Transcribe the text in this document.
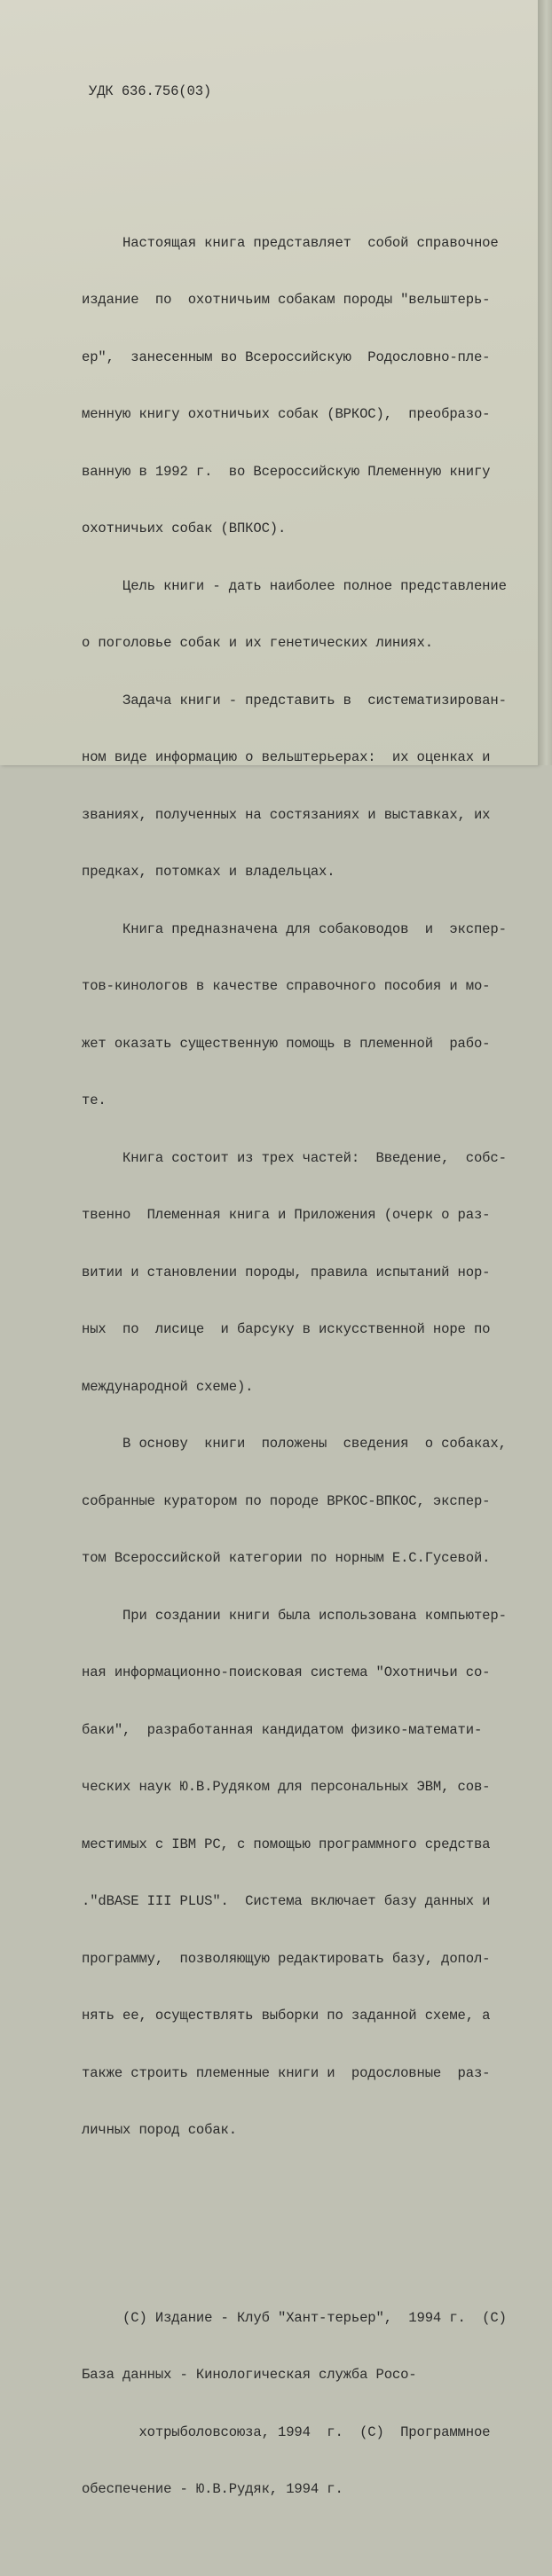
УДК 636.756(03)

Настоящая книга представляет  собой справочное

издание  по  охотничьим собакам породы "вельштерь-

ер",  занесенным во Всероссийскую  Родословно-пле-

менную книгу охотничьих собак (ВРКОС),  преобразо-

ванную в 1992 г.  во Всероссийскую Племенную книгу

охотничьих собак (ВПКОС).

Цель книги - дать наиболее полное представление

о поголовье собак и их генетических линиях.

Задача книги - представить в  систематизирован-

ном виде информацию о вельштерьерах:  их оценках и

званиях, полученных на состязаниях и выставках, их

предках, потомках и владельцах.

Книга предназначена для собаководов  и  экспер-

тов-кинологов в качестве справочного пособия и мо-

жет оказать существенную помощь в племенной  рабо-

те.

Книга состоит из трех частей:  Введение,  собс-

твенно  Племенная книга и Приложения (очерк о раз-

витии и становлении породы, правила испытаний нор-

ных  по  лисице  и барсуку в искусственной норе по

международной схеме).

В основу  книги  положены  сведения  о собаках,

собранные куратором по породе ВРКОС-ВПКОС, экспер-

том Всероссийской категории по норным Е.С.Гусевой.

При создании книги была использована компьютер-

ная информационно-поисковая система "Охотничьи со-

баки",  разработанная кандидатом физико-математи-

ческих наук Ю.В.Рудяком для персональных ЭВМ, сов-

местимых с IBM PC, с помощью программного средства

."dBASE III PLUS".  Система включает базу данных и

программу,  позволяющую редактировать базу, допол-

нять ее, осуществлять выборки по заданной схеме, а

также строить племенные книги и  родословные  раз-

личных пород собак.

(С) Издание - Клуб "Хант-терьер",  1994 г.  (С)

База данных - Кинологическая служба Росо-

хотрыболовсоюза, 1994  г.  (С)  Программное

обеспечение - Ю.В.Рудяк, 1994 г.
